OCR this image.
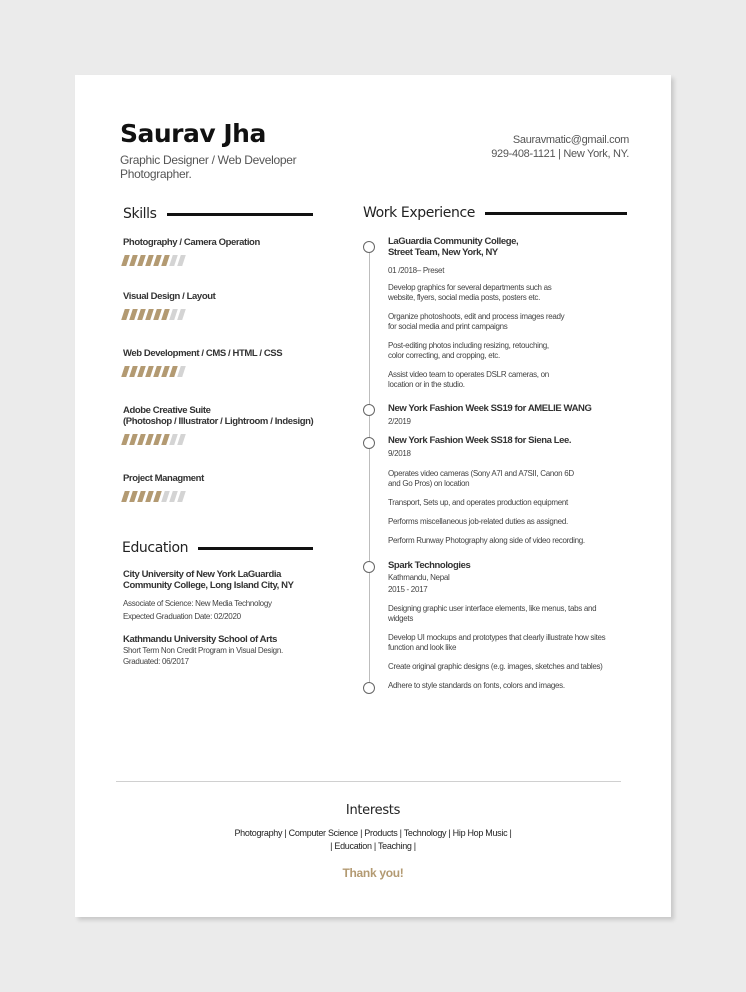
Saurav Jha
Graphic Designer / Web Developer
Photographer.
Sauravmatic@gmail.com
929-408-1121 | New York, NY.
Skills
Photography / Camera Operation
Visual Design / Layout
Web Development / CMS / HTML / CSS
Adobe Creative Suite
(Photoshop / Illustrator / Lightroom / Indesign)
Project Managment
Education
City University of New York LaGuardia
Community College, Long Island City, NY
Associate of Science: New Media Technology
Expected Graduation Date: 02/2020
Kathmandu University School of Arts
Short Term Non Credit Program in Visual Design.
Graduated: 06/2017
Work Experience
LaGuardia Community College,
Street Team, New York, NY
01 /2018– Preset
Develop graphics for several departments such as
website, flyers, social media posts, posters etc.
Organize photoshoots, edit and process images ready
for social media and print campaigns
Post-editing photos including resizing, retouching,
color correcting, and cropping, etc.
Assist video team to operates DSLR cameras, on
location or in the studio.
New York Fashion Week SS19 for AMELIE WANG
2/2019
New York Fashion Week SS18 for Siena Lee.
9/2018
Operates video cameras (Sony A7I and A7SII, Canon 6D
and Go Pros) on location
Transport, Sets up, and operates production equipment
Performs miscellaneous job-related duties as assigned.
Perform Runway Photography along side of video recording.
Spark Technologies
Kathmandu, Nepal
2015 - 2017
Designing graphic user interface elements, like menus, tabs and
widgets
Develop UI mockups and prototypes that clearly illustrate how sites
function and look like
Create original graphic designs (e.g. images, sketches and tables)
Adhere to style standards on fonts, colors and images.
Interests
Photography | Computer Science | Products | Technology | Hip Hop Music |
| Education | Teaching |
Thank you!
